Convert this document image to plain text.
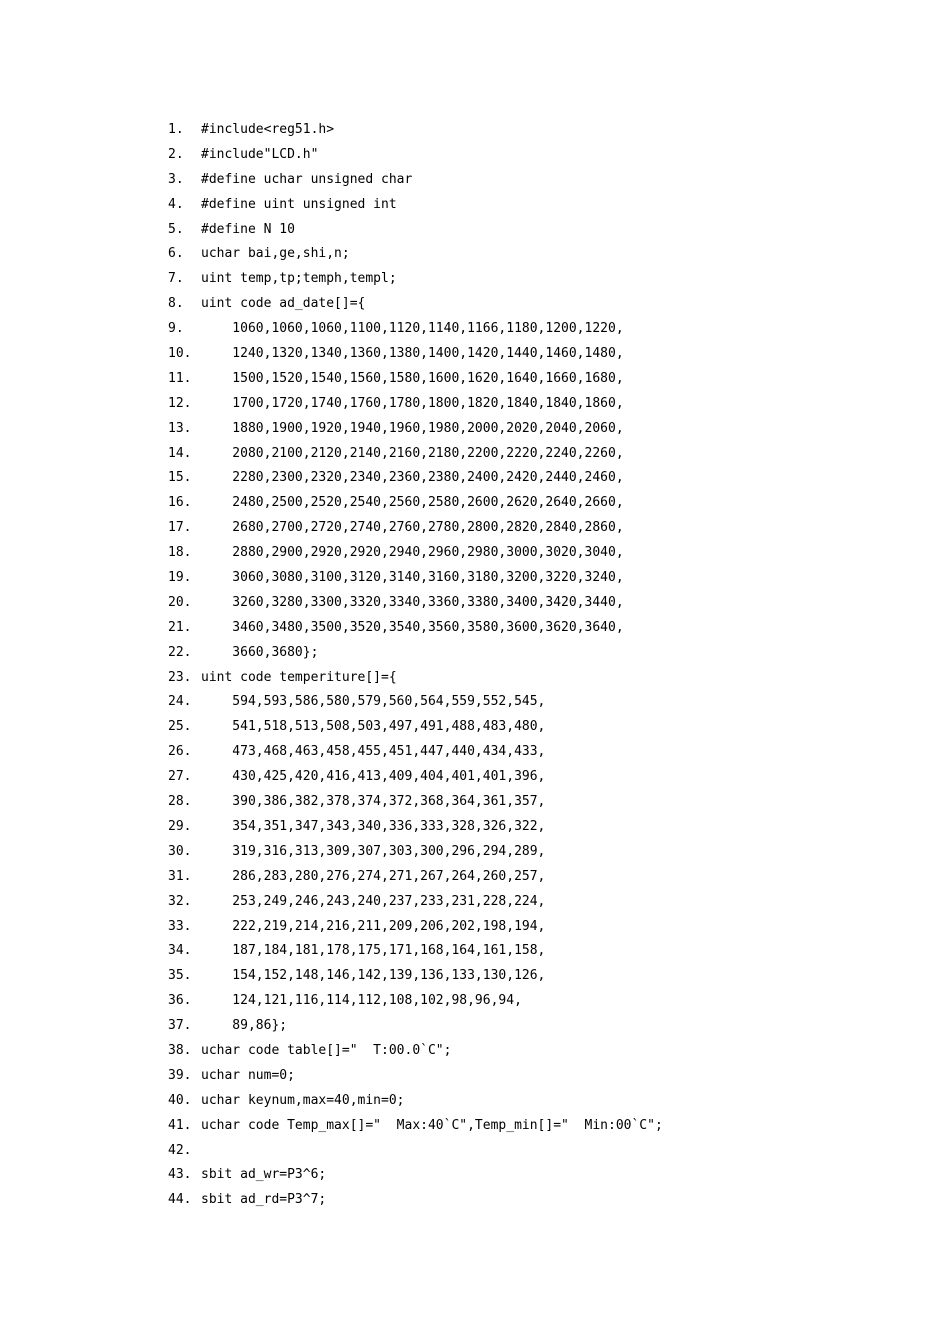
1.	#include<reg51.h>
2.	#include"LCD.h"
3.	#define uchar unsigned char
4.	#define uint unsigned int
5.	#define N 10
6.	uchar bai,ge,shi,n;
7.	uint temp,tp;temph,templ;
8.	uint code ad_date[]={
9.	1060,1060,1060,1100,1120,1140,1166,1180,1200,1220,
10. 1240,1320,1340,1360,1380,1400,1420,1440,1460,1480,
11. 1500,1520,1540,1560,1580,1600,1620,1640,1660,1680,
12. 1700,1720,1740,1760,1780,1800,1820,1840,1840,1860,
13. 1880,1900,1920,1940,1960,1980,2000,2020,2040,2060,
14. 2080,2100,2120,2140,2160,2180,2200,2220,2240,2260,
15. 2280,2300,2320,2340,2360,2380,2400,2420,2440,2460,
16. 2480,2500,2520,2540,2560,2580,2600,2620,2640,2660,
17. 2680,2700,2720,2740,2760,2780,2800,2820,2840,2860,
18. 2880,2900,2920,2920,2940,2960,2980,3000,3020,3040,
19. 3060,3080,3100,3120,3140,3160,3180,3200,3220,3240,
20. 3260,3280,3300,3320,3340,3360,3380,3400,3420,3440,
21. 3460,3480,3500,3520,3540,3560,3580,3600,3620,3640,
22. 3660,3680};
23. uint code temperiture[]={
24. 594,593,586,580,579,560,564,559,552,545,
25. 541,518,513,508,503,497,491,488,483,480,
26. 473,468,463,458,455,451,447,440,434,433,
27. 430,425,420,416,413,409,404,401,401,396,
28. 390,386,382,378,374,372,368,364,361,357,
29. 354,351,347,343,340,336,333,328,326,322,
30. 319,316,313,309,307,303,300,296,294,289,
31. 286,283,280,276,274,271,267,264,260,257,
32. 253,249,246,243,240,237,233,231,228,224,
33. 222,219,214,216,211,209,206,202,198,194,
34. 187,184,181,178,175,171,168,164,161,158,
35. 154,152,148,146,142,139,136,133,130,126,
36. 124,121,116,114,112,108,102,98,96,94,
37. 89,86};
38. uchar code table[]="  T:00.0`C";
39. uchar num=0;
40. uchar keynum,max=40,min=0;
41. uchar code Temp_max[]="  Max:40`C",Temp_min[]="  Min:00`C";
42.
43. sbit ad_wr=P3^6;
44. sbit ad_rd=P3^7;
